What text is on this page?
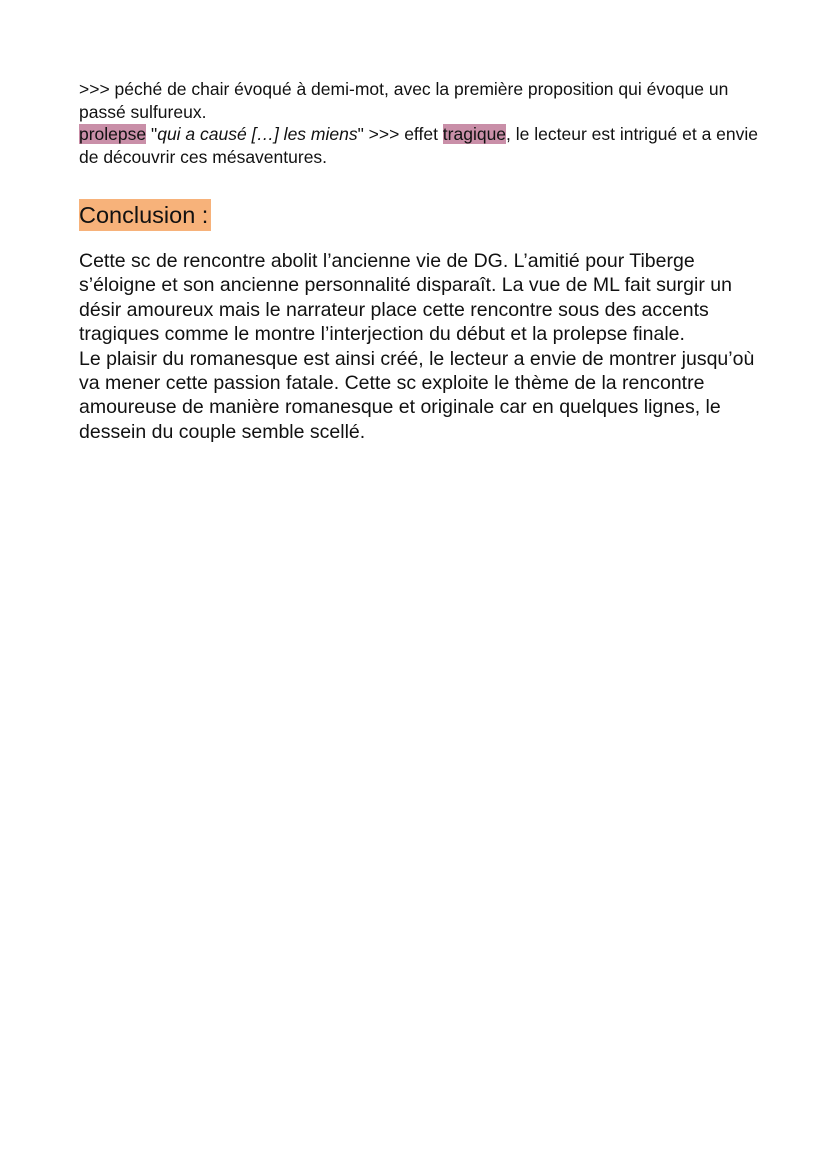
>>> péché de chair évoqué à demi-mot, avec la première proposition qui évoque un passé sulfureux.

prolepse "qui a causé […] les miens" >>> effet tragique, le lecteur est intrigué et a envie de découvrir ces mésaventures.

Conclusion :

Cette sc de rencontre abolit l’ancienne vie de DG. L’amitié pour Tiberge s’éloigne et son ancienne personnalité disparaît. La vue de ML fait surgir un désir amoureux mais le narrateur place cette rencontre sous des accents tragiques comme le montre l’interjection du début et la prolepse finale.

Le plaisir du romanesque est ainsi créé, le lecteur a envie de montrer jusqu’où va mener cette passion fatale. Cette sc exploite le thème de la rencontre amoureuse de manière romanesque et originale car en quelques lignes, le dessein du couple semble scellé.
